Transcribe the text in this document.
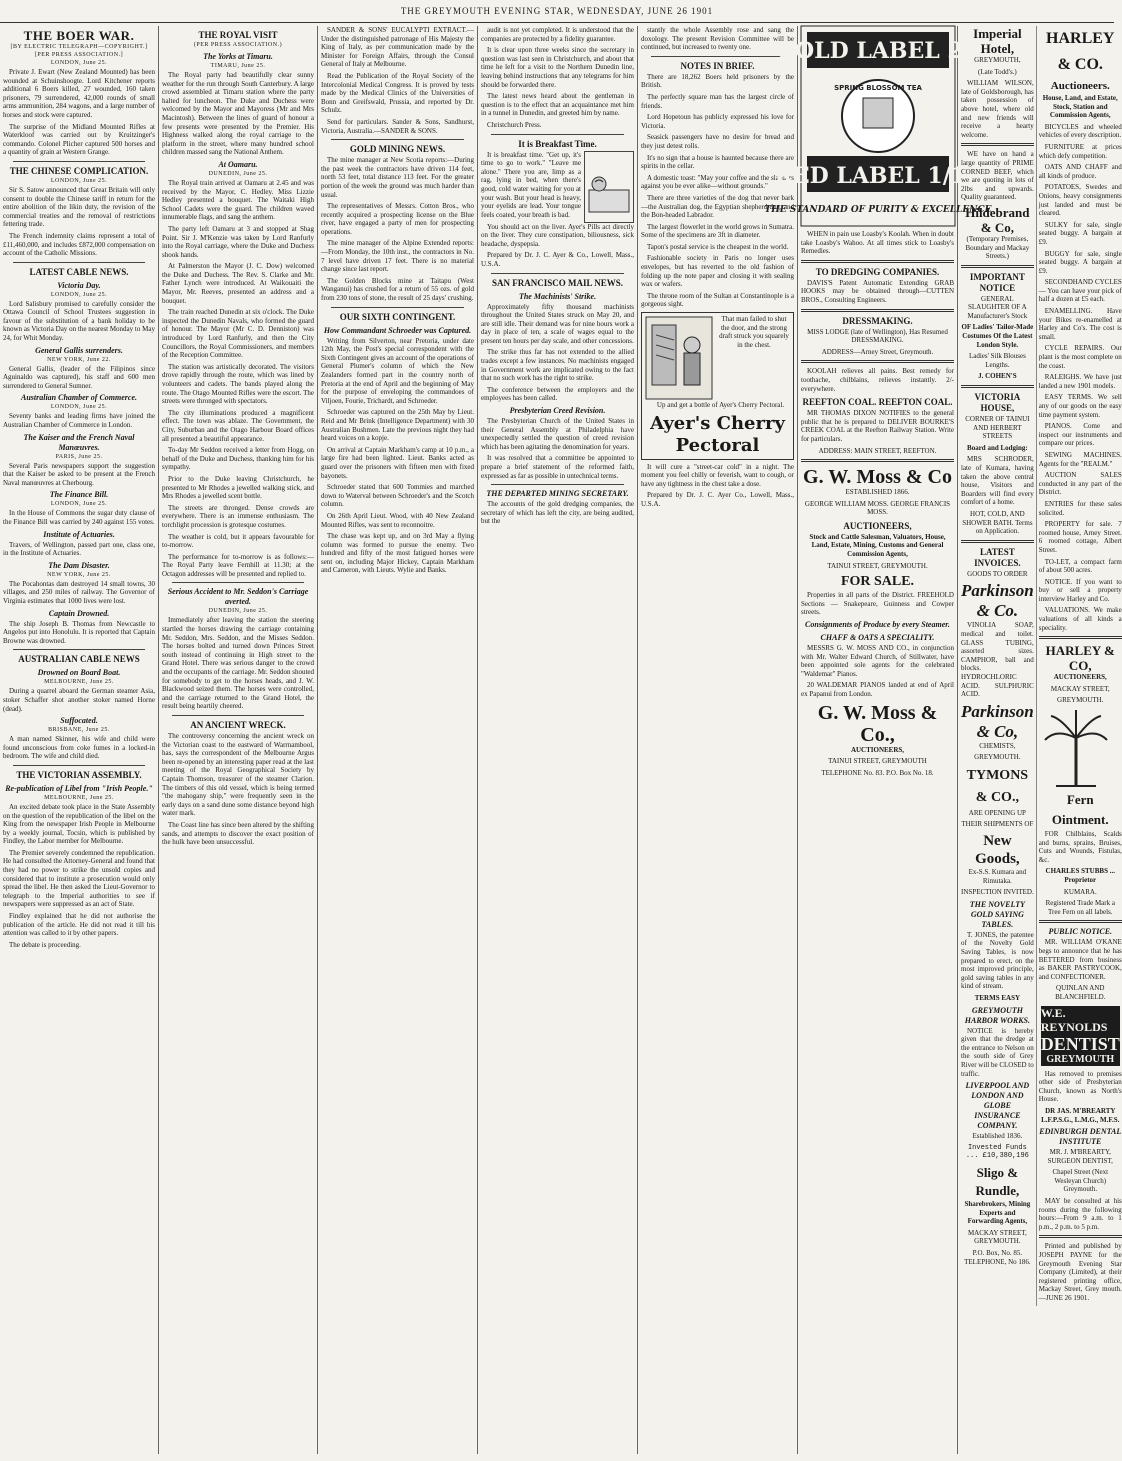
THE GREYMOUTH EVENING STAR, WEDNESDAY, JUNE 26 1901
THE BOER WAR.
[BY ELECTRIC TELEGRAPH—COPYRIGHT.]
[PER PRESS ASSOCIATION.]
LONDON, June 25.

Private J. Ewart (New Zealand Mounted) has been wounded at Schuinshoogte. Lord Kitchener reports additional 6 Boers killed, 27 wounded, 160 taken prisoners, 79 surrendered, 42,000 rounds of small arms ammunition, 284 wagons, and a large number of horses and stock were captured.

The surprise of the Midland Mounted Rifles at Waterkloof was carried out by Kruitzinger's commando. Colonel Plicher captured 500 horses and a quantity of grain at Western Grange.

THE CHINESE COMPLICATION.
LONDON, June 25.

Sir S. Satow announced that Great Britain will only consent to double the Chinese tariff in return for the entire abolition of the likin duty, the revision of the commercial treaties and the removal of restrictions fettering trade.

The French indemnity claims represent a total of £11,460,000, and includes £872,000 compensation on account of the Catholic Missions.

LATEST CABLE NEWS.
Victoria Day.
LONDON, June 25.

Lord Salisbury promised to carefully consider the Ottawa Council of School Trustees suggestion in favour of the substitution of a bank holiday to be known as Victoria Day on the nearest Monday to May 24, for Whit Monday.

General Gallis surrenders.
NEW YORK, June 22.

General Gallis, (leader of the Filipinos since Aguinaldo was captured), his staff and 600 men surrendered to General Sumner.

Australian Chamber of Commerce.
LONDON, June 25.

Seventy banks and leading firms have joined the Australian Chamber of Commerce in London.

The Kaiser and the French Naval Manœuvres.
PARIS, June 25.

Several Paris newspapers support the suggestion that the Kaiser be asked to be present at the French Naval manœuvres at Cherbourg.

The Finance Bill.
LONDON, June 25.

In the House of Commons the sugar duty clause of the Finance Bill was carried by 240 against 155 votes.

Institute of Actuaries.

Travers, of Wellington, passed part one, class one, in the Institute of Actuaries.

The Dam Disaster.
NEW YORK, June 25.

The Pocahontas dam destroyed 14 small towns, 30 villages, and 250 miles of railway. The Governor of Virginia estimates that 1000 lives were lost.

Captain Drowned.

The ship Joseph B. Thomas from Newcastle to Angelos put into Honolulu. It is reported that Captain Browne was drowned.

AUSTRALIAN CABLE NEWS
Drowned on Board Boat.
MELBOURNE, June 25.

During a quarrel aboard the German steamer Asia, stoker Schaffer shot another stoker named Horne (dead).

Suffocated.
BRISBANE, June 25.

A man named Skinner, his wife and child were found unconscious from coke fumes in a locked-in bedroom. The wife and child died.

THE VICTORIAN ASSEMBLY.
Re-publication of Libel from "Irish People."
MELBOURNE, June 25.

An excited debate took place in the State Assembly on the question of the republication of the libel on the King from the newspaper Irish People in Melbourne by a weekly journal, Tocsin, which is published by Findley, the Labor member for Melbourne.

The Premier severely condemned the republication. He had consulted the Attorney-General and found that they had no power to strike the unsold copies and considered that to institute a prosecution would only spread the libel. He then asked the Lieut-Governor to telegraph to the Imperial authorities to see if newspapers were suppressed as an act of State.

Findley explained that he did not authorise the publication of the article. He did not read it till his attention was called to it by other papers.

The debate is proceeding.

THE ROYAL VISIT
(PER PRESS ASSOCIATION.)
The Yorks at Timaru.
TIMARU, June 25.

The Royal party had beautifully clear sunny weather for the run through South Canterbury. A large crowd assembled at Timaru station where the party halted for luncheon. The Duke and Duchess were welcomed by the Mayor and Mayoress (Mr and Mrs Macintosh). Between the lines of guard of honour a few presents were presented by the Premier. His Highness walked along the royal carriage to the platform in the street, where many hundred school children massed sang the National Anthem.

At Oamaru.
DUNEDIN, June 25.

The Royal train arrived at Oamaru at 2.45 and was received by the Mayor, C. Hedley. Miss Lizzie Hedley presented a bouquet. The Waitaki High School Cadets were the guard. The children waved innumerable flags, and sang the anthem.

The party left Oamaru at 3 and stopped at Shag Point. Sir J. M'Kenzie was taken by Lord Ranfurly into the Royal carriage, where the Duke and Duchess shook hands.

At Palmerston the Mayor (J. C. Dow) welcomed the Duke and Duchess. The Rev. S. Clarke and Mr. Father Lynch were introduced. At Waikouaiti the Mayor, Mr. Reeves, presented an address and a bouquet.

The train reached Dunedin at six o'clock. The Duke inspected the Dunedin Navals, who formed the guard of honour. The Mayor (Mr C. D. Denniston) was introduced by Lord Ranfurly, and then the City Councillors, the Royal Commissioners, and members of the Reception Committee.

The station was artistically decorated. The visitors drove rapidly through the route, which was lined by volunteers and cadets. The bands played along the route. The Otago Mounted Rifles were the escort. The streets were thronged with spectators.

The city illuminations produced a magnificent effect. The town was ablaze. The Government, the City, Suburban and the Otago Harbour Board offices all presented a beautiful appearance.

To-day Mr Seddon received a letter from Hogg, on behalf of the Duke and Duchess, thanking him for his sympathy.

Prior to the Duke leaving Christchurch, he presented to Mr Rhodes a jewelled walking stick, and Mrs Rhodes a jewelled scent bottle.

The streets are thronged. Dense crowds are everywhere. There is an immense enthusiasm. The torchlight procession is grotesque costumes.

The weather is cold, but it appears favourable for to-morrow.

The performance for to-morrow is as follows:—The Royal Party leave Fernhill at 11.30; at the Octagon addresses will be presented and replied to.

Serious Accident to Mr. Seddon's Carriage averted.
DUNEDIN, June 25.

Immediately after leaving the station the steering startled the horses drawing the carriage containing Mr. Seddon, Mrs. Seddon, and the Misses Seddon. The horses bolted and turned down Princes Street south instead of continuing in High street to the Grand Hotel. There was serious danger to the crowd and the occupants of the carriage. Mr. Seddon shouted for somebody to get to the horses heads, and J. W. Blackwood seized them. The horses were controlled, and the carriage returned to the Grand Hotel, the result being heartily cheered.

AN ANCIENT WRECK.

The controversy concerning the ancient wreck on the Victorian coast to the eastward of Warrnambool, has, says the correspondent of the Melbourne Argus been re-opened by an interesting paper read at the last meeting of the Royal Geographical Society by Captain Thomson, treasurer of the steamer Clarion. The timbers of this old vessel, which is being termed "the mahogany ship," were frequently seen in the early days on a sand dune some distance beyond high water mark.

The Coast line has since been altered by the shifting sands, and attempts to discover the exact position of the hulk have been unsuccessful.

SANDER & SONS' EUCALYPTI EXTRACT.—Under the distinguished patronage of His Majesty the King of Italy, as per communication made by the Minister for Foreign Affairs, through the Consul General of Italy at Melbourne.

Read the Publication of the Royal Society of the Intercolonial Medical Congress. It is proved by tests made by the Medical Clinics of the Universities of Bonn and Greifswald, Prussia, and reported by Dr. Schulz.

Send for particulars. Sander & Sons, Sandhurst, Victoria, Australia.—SANDER & SONS.

GOLD MINING NEWS.

The mine manager at New Scotia reports:—During the past week the contractors have driven 114 feet, north 53 feet, total distance 113 feet. For the greater portion of the week the ground was much harder than usual.

The representatives of Messrs. Cotton Bros., who recently acquired a prospecting license on the Blue river, have engaged a party of men for prospecting operations.

The mine manager of the Alpine Extended reports:—From Monday, the 10th inst., the contractors in No. 7 level have driven 17 feet. There is no material change since last report.

The Golden Blocks mine at Taitapu (West Wanganui) has crushed for a return of 55 ozs. of gold from 230 tons of stone, the result of 25 days' crushing.

OUR SIXTH CONTINGENT.
How Commandant Schroeder was Captured.

Writing from Silverton, near Pretoria, under date 12th May, the Post's special correspondent with the Sixth Contingent gives an account of the operations of General Plumer's column of which the New Zealanders formed part in the country north of Pretoria at the end of April and the beginning of May for the purpose of enveloping the commandoes of Viljoen, Fourie, Trichardt, and Schroeder.

Schroeder was captured on the 25th May by Lieut. Reid and Mr Brink (Intelligence Department) with 30 Australian Bushmen. Late the previous night they had heard voices on a kopje.

On arrival at Captain Markham's camp at 10 p.m., a large fire had been lighted. Lieut. Banks acted as guard over the prisoners with fifteen men with fixed bayonets.

Schroeder stated that 600 Tommies and marched down to Waterval between Schroeder's and the Scotch column.

On 26th April Lieut. Wood, with 40 New Zealand Mounted Rifles, was sent to reconnoitre.

The chase was kept up, and on 3rd May a flying column was formed to pursue the enemy. Two hundred and fifty of the most fatigued horses were sent on, including Major Hickey, Captain Markham and Cameron, with Lieuts. Wylie and Banks.

audit is not yet completed. It is understood that the companies are protected by a fidelity guarantee.

It is clear upon three weeks since the secretary in question was last seen in Christchurch, and about that time he left for a visit to the Northern Dunedin line, leaving behind instructions that any telegrams for him should be forwarded there.

The latest news heard about the gentleman in question is to the effect that an acquaintance met him in a tunnel in Dunedin, and greeted him by name.

Christchurch Press.

It is Breakfast Time.

It is breakfast time. "Get up, it's time to go to work." "Leave me alone." There you are, limp as a rag, lying in bed, when there's good, cold water waiting for you at your wash. But your head is heavy, your eyelids are lead. Your tongue feels coated, your breath is bad.

You should act on the liver. Ayer's Pills act directly on the liver. They cure constipation, biliousness, sick headache, dyspepsia.

Prepared by Dr. J. C. Ayer & Co., Lowell, Mass., U.S.A.

SAN FRANCISCO MAIL NEWS.
The Machinists' Strike.

Approximately fifty thousand machinists throughout the United States struck on May 20, and are still idle. Their demand was for nine hours work a day in place of ten, a scale of wages equal to the present ten hours per day scale, and other concessions.

The strike thus far has not extended to the allied trades except a few instances. No machinists engaged in Government work are implicated owing to the fact that no such work has the right to strike.

The conference between the employers and the employees has been called.

Presbyterian Creed Revision.

The Presbyterian Church of the United States in their General Assembly at Philadelphia have unexpectedly settled the question of creed revision which has been agitating the denomination for years.

It was resolved that a committee be appointed to prepare a brief statement of the reformed faith, expressed as far as possible in untechnical terms.

THE DEPARTED MINING SECRETARY.

The accounts of the gold dredging companies, the secretary of which has left the city, are being audited, but the

stantly the whole Assembly rose and sang the doxology. The present Revision Committee will be continued, but increased to twenty one.

NOTES IN BRIEF.

There are 18,262 Boers held prisoners by the British.

The perfectly square man has the largest circle of friends.

Lord Hopetoun has publicly expressed his love for Victoria.

Seasick passengers have no desire for bread and they just detest rolls.

It's no sign that a house is haunted because there are spirits in the cellar.

A domestic toast: "May your coffee and the slanders against you be ever alike—without grounds."

There are three varieties of the dog that never bark—the Australian dog, the Egyptian shepherd dog, and the Bon-headed Labrador.

The largest flowerlet in the world grows in Sumatra. Some of the specimens are 3ft in diameter.

Tapon's postal service is the cheapest in the world.

Fashionable society in Paris no longer uses envelopes, but has reverted to the old fashion of folding up the note paper and closing it with sealing wax or wafers.

The throne room of the Sultan at Constantinople is a gorgeous sight.

That man failed to shut the door, and the strong draft struck you squarely in the chest.

Up and get a bottle of Ayer's Cherry Pectoral.

Ayer's Cherry Pectoral

It will cure a "street-car cold" in a night. The moment you feel chilly or feverish, want to cough, or have any tightness in the chest take a dose.

Prepared by Dr. J. C. Ayer Co., Lowell, Mass., U.S.A.

GOLD LABEL 2/-
SPRING BLOSSOM TEA
RED LABEL 1/10
THE STANDARD OF PURITY & EXCELLENCE

WHEN in pain use Loasby's Koolah. When in doubt take Loasby's Wahoo. At all times stick to Loasby's Remedies.

TO DREDGING COMPANIES.

DAVIS'S Patent Automatic Extending GRAB HOOKS may be obtained through—CUTTEN BROS., Consulting Engineers.

DRESSMAKING.

MISS LODGE (late of Wellington), Has Resumed DRESSMAKING.

ADDRESS—Arney Street, Greymouth.

KOOLAH relieves all pains. Best remedy for toothache, chilblains, relieves instantly. 2/- everywhere.

REEFTON COAL. REEFTON COAL.

MR THOMAS DIXON NOTIFIES to the general public that he is prepared to DELIVER BOURKE'S CREEK COAL at the Reefton Railway Station. Write for particulars.

ADDRESS: MAIN STREET, REEFTON.

G. W. Moss & Co

ESTABLISHED 1866.

GEORGE WILLIAM MOSS. GEORGE FRANCIS MOSS.

AUCTIONEERS,

Stock and Cattle Salesman, Valuators, House, Land, Estate, Mining, Customs and General Commission Agents,

TAINUI STREET, GREYMOUTH.

FOR SALE.

Properties in all parts of the District. FREEHOLD Sections — Snakepeare, Guinness and Cowper streets.

Consignments of Produce by every Steamer.
CHAFF & OATS A SPECIALITY.

MESSRS G. W. MOSS AND CO., in conjunction with Mr. Walter Edward Church, of Stillwater, have been appointed sole agents for the celebrated "Waldemar" Pianos.

20 WALDEMAR PIANOS landed at end of April ex Papanui from London.

G. W. Moss & Co.,

AUCTIONEERS,

TAINUI STREET, GREYMOUTH

TELEPHONE No. 83. P.O. Box No. 18.

Imperial Hotel,

GREYMOUTH,

(Late Todd's.)

WILLIAM WILSON, late of Goldsborough, has taken possession of above hotel, where old and new friends will receive a hearty welcome.

WE have on hand a large quantity of PRIME CORNED BEEF, which we are quoting in lots of 2lbs and upwards. Quality guaranteed.

Hildebrand & Co,

(Temporary Premises, Boundary and Mackay Streets.)

IMPORTANT NOTICE

GENERAL SLAUGHTER OF A Manufacturer's Stock

OF Ladies' Tailor-Made Costumes Of the Latest London Style.

Ladies' Silk Blouses Lengths.

J. COHEN'S

VICTORIA HOUSE,

CORNER OF TAINUI AND HERBERT STREETS

Board and Lodging:

MRS SCHRODER, late of Kumara, having taken the above central house, Visitors and Boarders will find every comfort of a home.

HOT, COLD, AND SHOWER BATH. Terms on Application.

LATEST INVOICES.

GOODS TO ORDER

Parkinson & Co.

VINOLIA SOAP, medical and toilet. GLASS TUBING, assorted sizes. CAMPHOR, ball and blocks. HYDROCHLORIC ACID. SULPHURIC ACID.

Parkinson & Co,

CHEMISTS,

GREYMOUTH.

TYMONS & CO.,

ARE OPENING UP

THEIR SHIPMENTS OF

New Goods,

Ex-S.S. Kumara and Rimutaka.

INSPECTION INVITED.

THE NOVELTY GOLD SAYING TABLES.

T. JONES, the patentee of the Novelty Gold Saving Tables, is now prepared to erect, on the most improved principle, gold saving tables in any kind of stream.

TERMS EASY

GREYMOUTH HARBOR WORKS.

NOTICE is hereby given that the dredge at the entrance to Nelson on the south side of Grey River will be CLOSED to traffic.

LIVERPOOL AND LONDON AND GLOBE INSURANCE COMPANY.

Established 1836.

Invested Funds ... £10,380,196

Sligo & Rundle,

Sharebrokers, Mining Experts and Forwarding Agents,

MACKAY STREET, GREYMOUTH.

P.O. Box, No. 85. TELEPHONE, No 186.

HARLEY & CO.
Auctioneers.

House, Land, and Estate, Stock, Station and Commission Agents,

BICYCLES and wheeled vehicles of every description.

FURNITURE at prices which defy competition.

OATS AND CHAFF and all kinds of produce.

POTATOES, Swedes and Onions, heavy consignments just landed and must be cleared.

SULKY for sale, single seated buggy. A bargain at £9.

BUGGY for sale, single seated buggy. A bargain at £9.

SECONDHAND CYCLES — You can have your pick of half a dozen at £5 each.

ENAMELLING. Have your Bikes re-enamelled at Harley and Co's. The cost is small.

CYCLE REPAIRS. Our plant is the most complete on the coast.

RALEIGHS. We have just landed a new 1901 models.

EASY TERMS. We sell any of our goods on the easy time payment system.

PIANOS. Come and inspect our instruments and compare our prices.

SEWING MACHINES. Agents for the "REALM."

AUCTION SALES conducted in any part of the District.

ENTRIES for these sales solicited.

PROPERTY for sale. 7 roomed house, Arney Street. 6 roomed cottage, Albert Street.

TO-LET, a compact farm of about 500 acres.

NOTICE. If you want to buy or sell a property interview Harley and Co.

VALUATIONS. We make valuations of all kinds a speciality.

HARLEY & CO,

AUCTIONEERS,

MACKAY STREET,

GREYMOUTH.

Fern Ointment.

FOR Chilblains, Scalds and burns, sprains, Bruises, Cuts and Wounds, Fistulas, &c.

CHARLES STUBBS ... Proprietor

KUMARA.

Registered Trade Mark a Tree Fern on all labels.

PUBLIC NOTICE.

MR. WILLIAM O'KANE begs to announce that he has BETTERED from business as BAKER PASTRYCOOK, and CONFECTIONER.

QUINLAN AND BLANCHFIELD.

W.E. REYNOLDS
DENTIST
GREYMOUTH

Has removed to premises other side of Presbyterian Church, known as North's House.

DR JAS. M'BREARTY L.F.P.S.G., L.M.G., M.F.S.

EDINBURGH DENTAL INSTITUTE

MR. J. M'BREARTY, SURGEON DENTIST,

Chapel Street (Next Wesleyan Church) Greymouth.

MAY be consulted at his rooms during the following hours:—From 9 a.m. to 1 p.m., 2 p.m. to 5 p.m.

Printed and published by JOSEPH PAYNE for the Greymouth Evening Star Company (Limited), at their registered printing office, Mackay Street, Grey mouth.—JUNE 26 1901.
